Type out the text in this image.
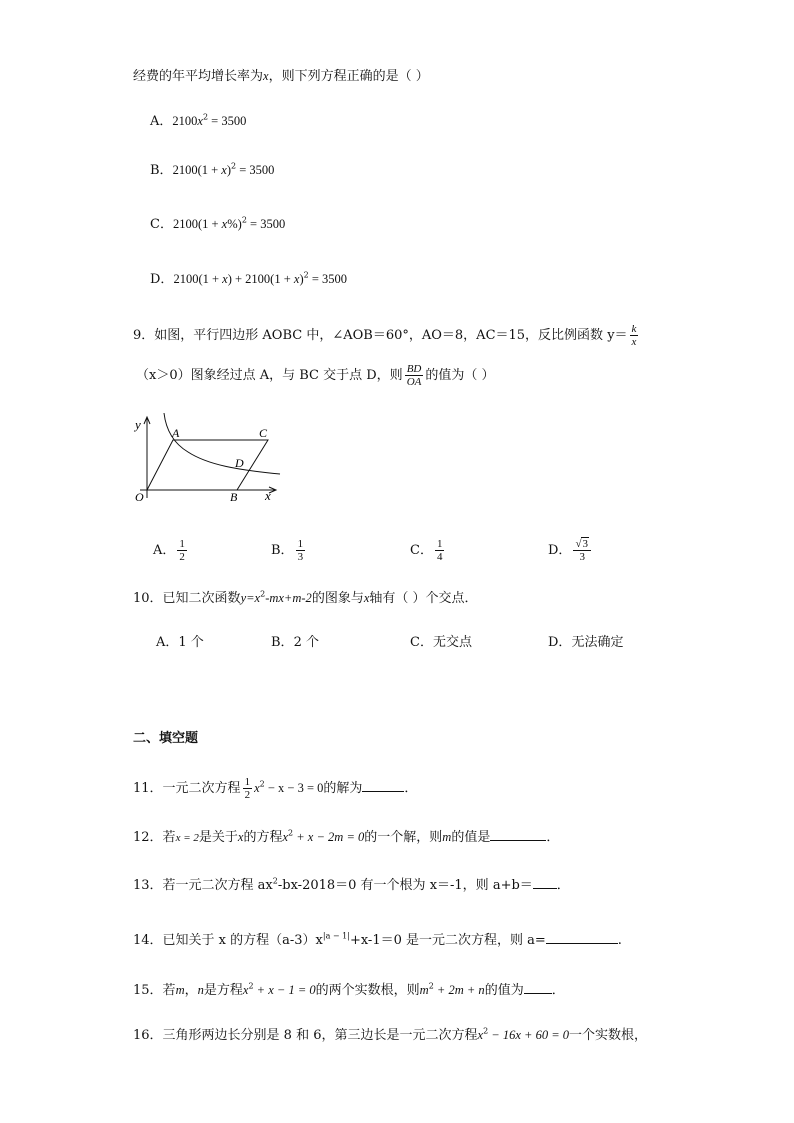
经费的年平均增长率为x，则下列方程正确的是（ ）
A．$2100x^2 = 3500$
B．$2100(1 + x)^2 = 3500$
C．$2100(1 + x\%)^2 = 3500$
D．$2100(1 + x) + 2100(1 + x)^2 = 3500$
9．如图，平行四边形 AOBC 中，∠AOB＝60°，AO＝8，AC＝15，反比例函数 $y= \frac{k}{x}$
（x＞0）图象经过点 A，与 BC 交于点 D，则 $\frac{BD}{OA}$ 的值为（ ）
y
A	C
D
O	B x
A． $\frac{1}{2}$	B． $\frac{1}{3}$	C． $\frac{1}{4}$	D． $\frac{√3}{3}$
10．已知二次函数$y=x^2-mx+m-2$的图象与x轴有（ ）个交点．
A．1 个	B．2 个	C．无交点	D．无法确定
二、填空题
11．一元二次方程 $\frac{1}{2} x^2 - x - 3 = 0$的解为	．
12．若x = 2是关于x的方程$x^2 + x - 2m = 0$的一个解，则m的值是	．
13．若一元二次方程 $ax^2-bx-2018=0$ 有一个根为 x＝-1，则 a+b＝ ．
14．已知关于 x 的方程$(a-3)x^{|a - 1|}+x-1=0$ 是一元二次方程，则 a=	.
15．若m，n是方程$x^2 + x - 1 = 0$的两个实数根，则$m^2 + 2m + n$的值为 ．
16．三角形两边长分别是 8 和 6，第三边长是一元二次方程$x^2 - 16x + 60 = 0$一个实数根，
